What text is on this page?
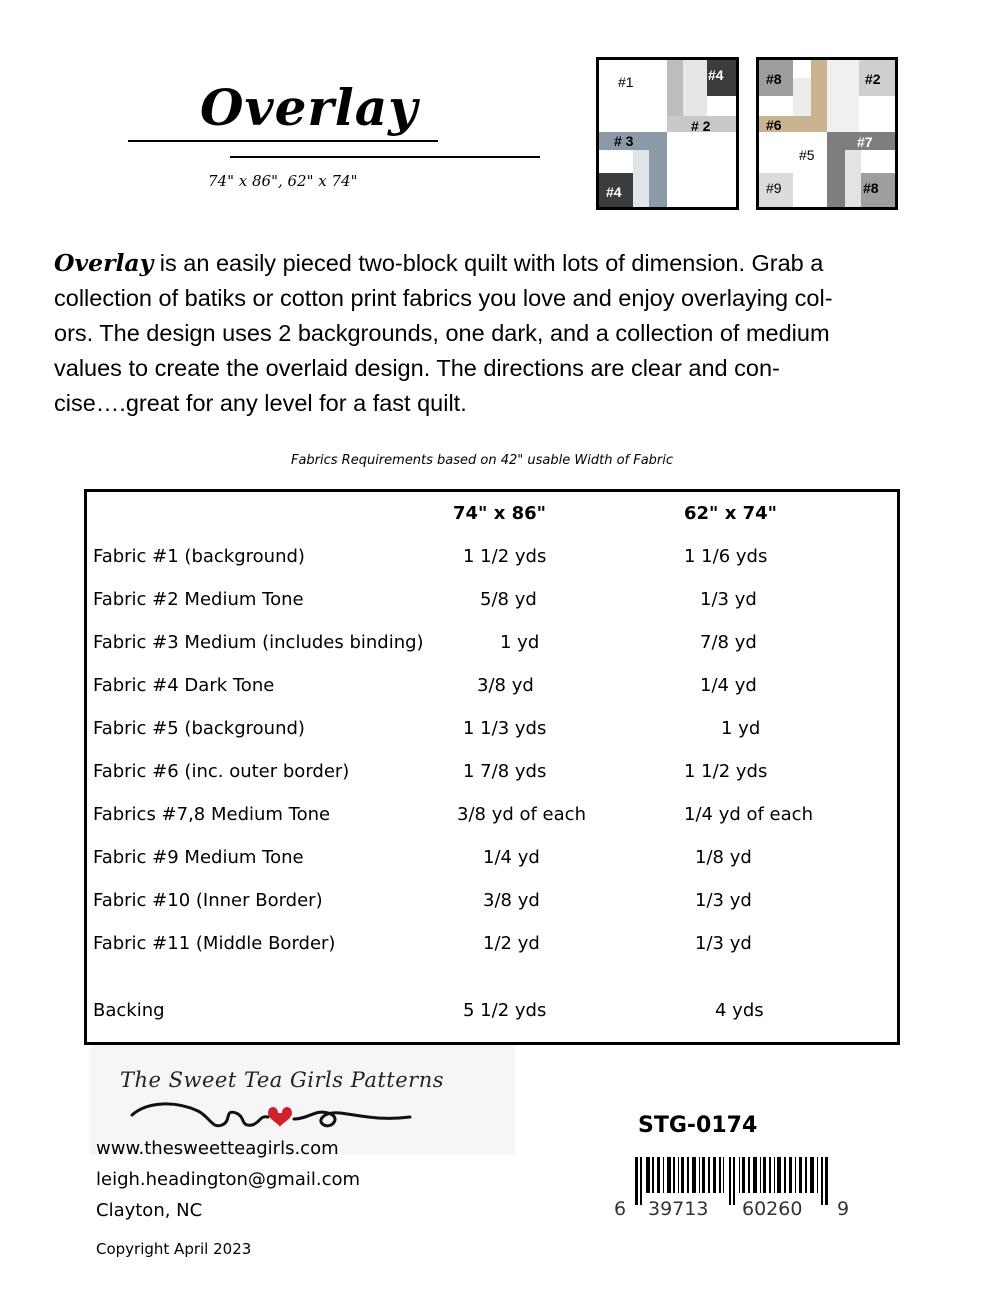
Overlay
74" x 86", 62" x 74"
#1	#4
# 2
# 3
#4
#8	#2
#6
#7
#5
#9	#8
Overlay is an easily pieced two-block quilt with lots of dimension. Grab a
collection of batiks or cotton print fabrics you love and enjoy overlaying col-
ors. The design uses 2 backgrounds, one dark, and a collection of medium
values to create the overlaid design. The directions are clear and con-
cise….great for any level for a fast quilt.
Fabrics Requirements based on 42" usable Width of Fabric
74" x 86"	62" x 74"
Fabric #1 (background)	1 1/2 yds	1 1/6 yds
Fabric #2 Medium Tone	5/8 yd	1/3 yd
Fabric #3 Medium (includes binding)	1 yd	7/8 yd
Fabric #4 Dark Tone	3/8 yd	1/4 yd
Fabric #5 (background)	1 1/3 yds	1 yd
Fabric #6 (inc. outer border)	1 7/8 yds	1 1/2 yds
Fabrics #7,8 Medium Tone	3/8 yd of each	1/4 yd of each
Fabric #9 Medium Tone	1/4 yd	1/8 yd
Fabric #10 (Inner Border)	3/8 yd	1/3 yd
Fabric #11 (Middle Border)	1/2 yd	1/3 yd
Backing	5 1/2 yds	4 yds
The Sweet Tea Girls Patterns
www.thesweetteagirls.com
leigh.headington@gmail.com
Clayton, NC
Copyright April 2023
STG-0174
6 39713 60260 9
